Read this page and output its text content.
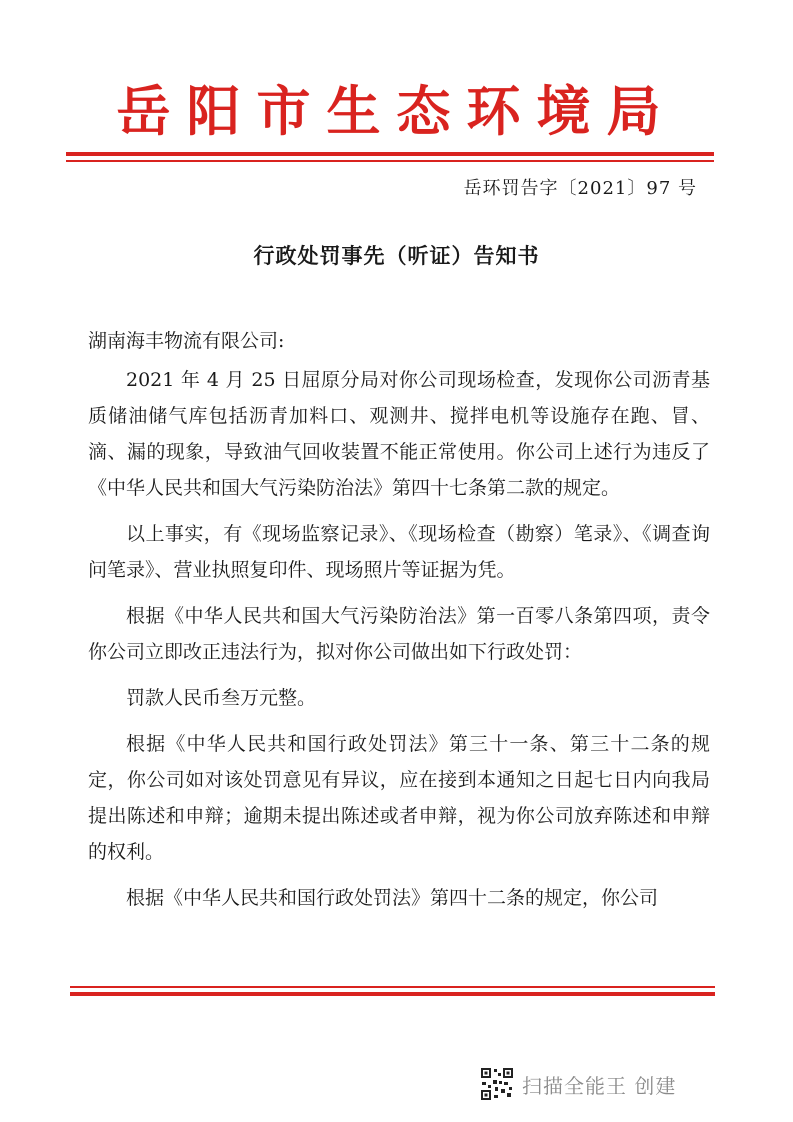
岳阳市生态环境局
岳环罚告字〔2021〕97 号
行政处罚事先（听证）告知书
湖南海丰物流有限公司:

2021 年 4 月 25 日屈原分局对你公司现场检查，发现你公司沥青基质储油储气库包括沥青加料口、观测井、搅拌电机等设施存在跑、冒、滴、漏的现象，导致油气回收装置不能正常使用。你公司上述行为违反了《中华人民共和国大气污染防治法》第四十七条第二款的规定。

以上事实，有《现场监察记录》、《现场检查（勘察）笔录》、《调查询问笔录》、营业执照复印件、现场照片等证据为凭。

根据《中华人民共和国大气污染防治法》第一百零八条第四项，责令你公司立即改正违法行为，拟对你公司做出如下行政处罚：

罚款人民币叁万元整。

根据《中华人民共和国行政处罚法》第三十一条、第三十二条的规定，你公司如对该处罚意见有异议，应在接到本通知之日起七日内向我局提出陈述和申辩；逾期未提出陈述或者申辩，视为你公司放弃陈述和申辩的权利。

根据《中华人民共和国行政处罚法》第四十二条的规定，你公司

扫描全能王 创建
